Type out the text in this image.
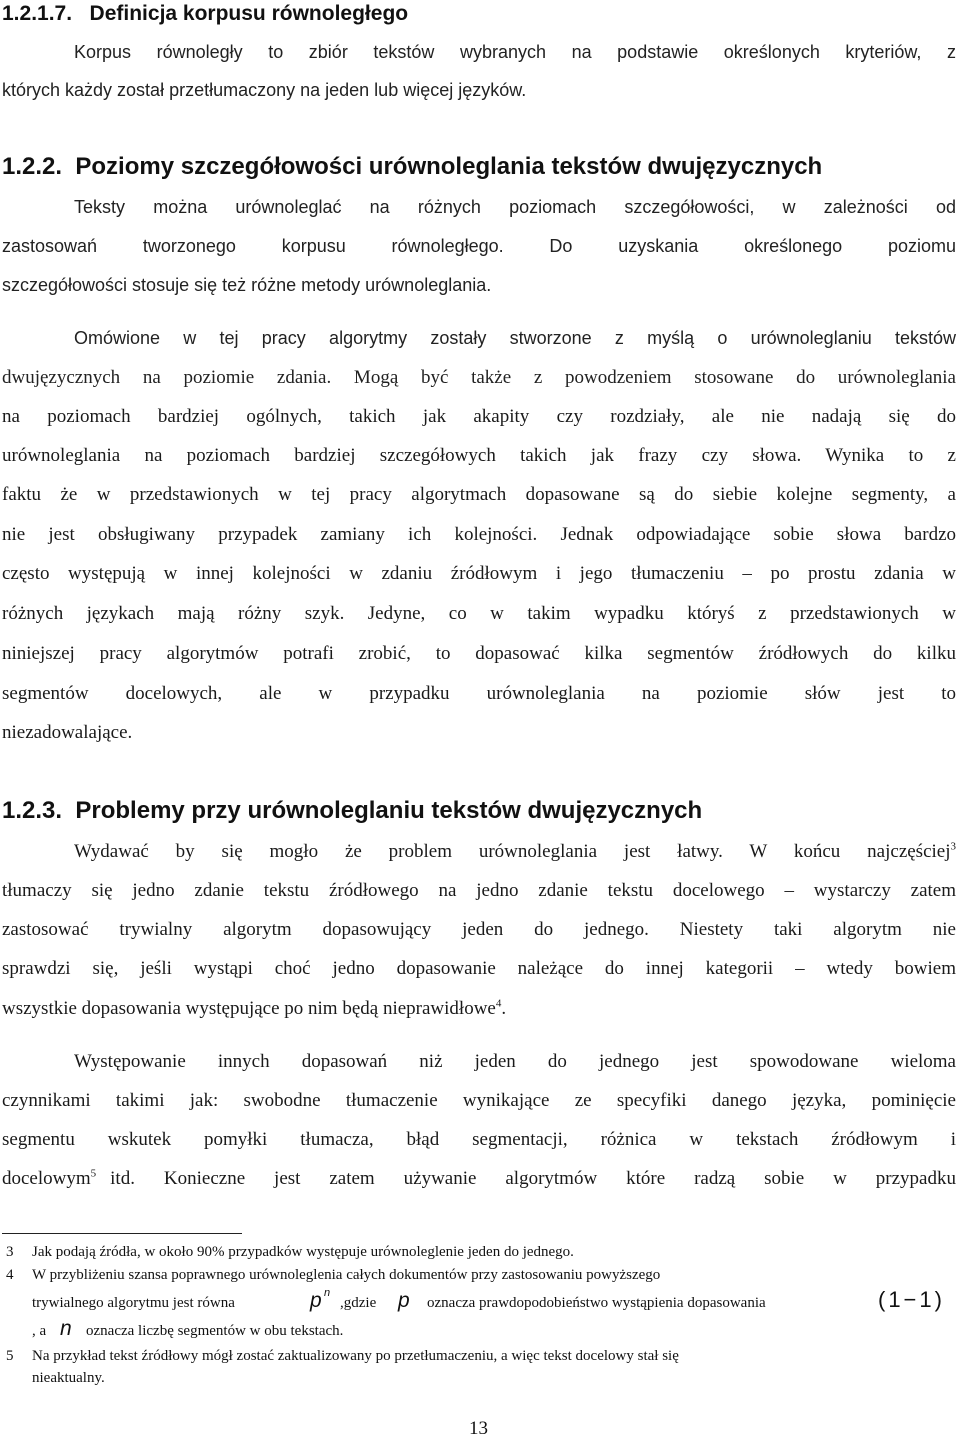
1.2.1.7.   Definicja korpusu równoległego
Korpus równoległy to zbiór tekstów wybranych na podstawie określonych kryteriów, z
których każdy został przetłumaczony na jeden lub więcej języków.
1.2.2.  Poziomy szczegółowości urównoleglania tekstów dwujęzycznych
Teksty można urównoleglać na różnych poziomach szczegółowości, w zależności od
zastosowań tworzonego korpusu równoległego. Do uzyskania określonego poziomu
szczegółowości stosuje się też różne metody urównoleglania.
Omówione w tej pracy algorytmy zostały stworzone z myślą o urównoleglaniu tekstów
dwujęzycznych na poziomie zdania. Mogą być także z powodzeniem stosowane do urównoleglania
na poziomach bardziej ogólnych, takich jak akapity czy rozdziały, ale nie nadają się do
urównoleglania na poziomach bardziej szczegółowych takich jak frazy czy słowa. Wynika to z
faktu że w przedstawionych w tej pracy algorytmach dopasowane są do siebie kolejne segmenty, a
nie jest obsługiwany przypadek zamiany ich kolejności. Jednak odpowiadające sobie słowa bardzo
często występują w innej kolejności w zdaniu źródłowym i jego tłumaczeniu – po prostu zdania w
różnych językach mają różny szyk. Jedyne, co w takim wypadku któryś z przedstawionych w
niniejszej pracy algorytmów potrafi zrobić, to dopasować kilka segmentów źródłowych do kilku
segmentów docelowych, ale w przypadku urównoleglania na poziomie słów jest to
niezadowalające.
1.2.3.  Problemy przy urównoleglaniu tekstów dwujęzycznych
Wydawać by się mogło że problem urównoleglania jest łatwy. W końcu najczęściej$^3$
tłumaczy się jedno zdanie tekstu źródłowego na jedno zdanie tekstu docelowego – wystarczy zatem
zastosować trywialny algorytm dopasowujący jeden do jednego. Niestety taki algorytm nie
sprawdzi się, jeśli wystąpi choć jedno dopasowanie należące do innej kategorii – wtedy bowiem
wszystkie dopasowania występujące po nim będą nieprawidłowe$^4$.
Występowanie innych dopasowań niż jeden do jednego jest spowodowane wieloma
czynnikami takimi jak: swobodne tłumaczenie wynikające ze specyfiki danego języka, pominięcie
segmentu wskutek pomyłki tłumacza, błąd segmentacji, różnica w tekstach źródłowym i
docelowym$^5$ itd. Konieczne jest zatem używanie algorytmów które radzą sobie w przypadku
3 Jak podają źródła, w około 90% przypadków występuje urównoleglenie jeden do jednego.
4 W przybliżeniu szansa poprawnego urównoleglenia całych dokumentów przy zastosowaniu powyższego
trywialnego algorytmu jest równa	p n
,gdzie p oznacza prawdopodobieństwo wystąpienia dopasowania	(1−1)
, a n oznacza liczbę segmentów w obu tekstach.
5 Na przykład tekst źródłowy mógł zostać zaktualizowany po przetłumaczeniu, a więc tekst docelowy stał się
nieaktualny.
13
